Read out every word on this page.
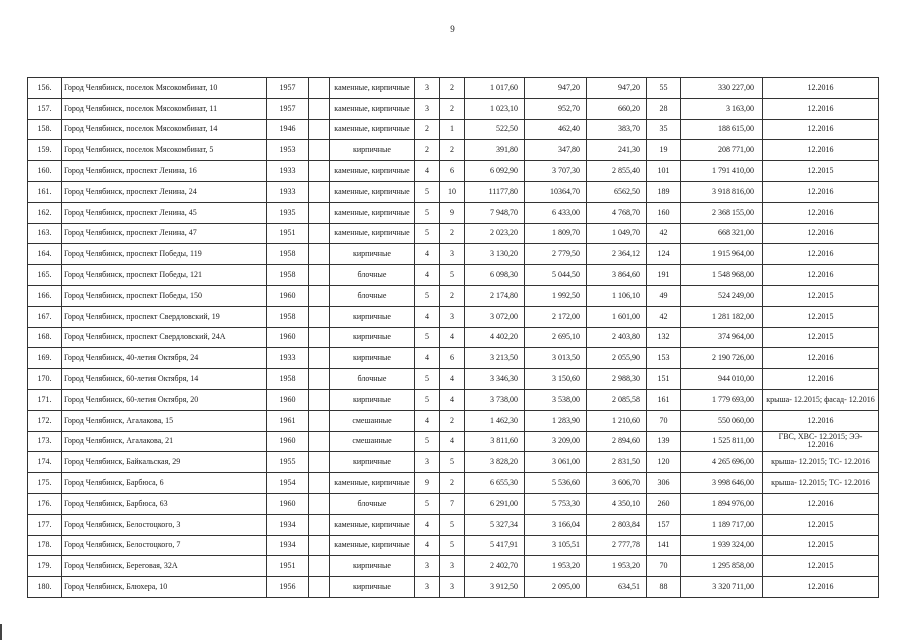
9
156.	Город Челябинск, поселок Мясокомбинат, 10	1957		каменные, кирпичные	3	2	1 017,60	947,20	947,20	55	330 227,00	12.2016
157.	Город Челябинск, поселок Мясокомбинат, 11	1957		каменные, кирпичные	3	2	1 023,10	952,70	660,20	28	3 163,00	12.2016
158.	Город Челябинск, поселок Мясокомбинат, 14	1946		каменные, кирпичные	2	1	522,50	462,40	383,70	35	188 615,00	12.2016
159.	Город Челябинск, поселок Мясокомбинат, 5	1953		кирпичные	2	2	391,80	347,80	241,30	19	208 771,00	12.2016
160.	Город Челябинск, проспект Ленина, 16	1933		каменные, кирпичные	4	6	6 092,90	3 707,30	2 855,40	101	1 791 410,00	12.2015
161.	Город Челябинск, проспект Ленина, 24	1933		каменные, кирпичные	5	10	11177,80	10364,70	6562,50	189	3 918 816,00	12.2016
162.	Город Челябинск, проспект Ленина, 45	1935		каменные, кирпичные	5	9	7 948,70	6 433,00	4 768,70	160	2 368 155,00	12.2016
163.	Город Челябинск, проспект Ленина, 47	1951		каменные, кирпичные	5	2	2 023,20	1 809,70	1 049,70	42	668 321,00	12.2016
164.	Город Челябинск, проспект Победы, 119	1958		кирпичные	4	3	3 130,20	2 779,50	2 364,12	124	1 915 964,00	12.2016
165.	Город Челябинск, проспект Победы, 121	1958		блочные	4	5	6 098,30	5 044,50	3 864,60	191	1 548 968,00	12.2016
166.	Город Челябинск, проспект Победы, 150	1960		блочные	5	2	2 174,80	1 992,50	1 106,10	49	524 249,00	12.2015
167.	Город Челябинск, проспект Свердловский, 19	1958		кирпичные	4	3	3 072,00	2 172,00	1 601,00	42	1 281 182,00	12.2015
168.	Город Челябинск, проспект Свердловский, 24А	1960		кирпичные	5	4	4 402,20	2 695,10	2 403,80	132	374 964,00	12.2015
169.	Город Челябинск, 40-летия Октября, 24	1933		кирпичные	4	6	3 213,50	3 013,50	2 055,90	153	2 190 726,00	12.2016
170.	Город Челябинск, 60-летия Октября, 14	1958		блочные	5	4	3 346,30	3 150,60	2 988,30	151	944 010,00	12.2016
171.	Город Челябинск, 60-летия Октября, 20	1960		кирпичные	5	4	3 738,00	3 538,00	2 085,58	161	1 779 693,00	крыша- 12.2015; фасад- 12.2016
172.	Город Челябинск, Агалакова, 15	1961		смешанные	4	2	1 462,30	1 283,90	1 210,60	70	550 060,00	12.2016
173.	Город Челябинск, Агалакова, 21	1960		смешанные	5	4	3 811,60	3 209,00	2 894,60	139	1 525 811,00	ГВС, ХВС- 12.2015; ЭЭ- 12.2016
174.	Город Челябинск, Байкальская, 29	1955		кирпичные	3	5	3 828,20	3 061,00	2 831,50	120	4 265 696,00	крыша- 12.2015; ТС- 12.2016
175.	Город Челябинск, Барбюса, 6	1954		каменные, кирпичные	9	2	6 655,30	5 536,60	3 606,70	306	3 998 646,00	крыша- 12.2015; ТС- 12.2016
176.	Город Челябинск, Барбюса, 63	1960		блочные	5	7	6 291,00	5 753,30	4 350,10	260	1 894 976,00	12.2016
177.	Город Челябинск, Белостоцкого, 3	1934		каменные, кирпичные	4	5	5 327,34	3 166,04	2 803,84	157	1 189 717,00	12.2015
178.	Город Челябинск, Белостоцкого, 7	1934		каменные, кирпичные	4	5	5 417,91	3 105,51	2 777,78	141	1 939 324,00	12.2015
179.	Город Челябинск, Береговая, 32А	1951		кирпичные	3	3	2 402,70	1 953,20	1 953,20	70	1 295 858,00	12.2015
180.	Город Челябинск, Блюхера, 10	1956		кирпичные	3	3	3 912,50	2 095,00	634,51	88	3 320 711,00	12.2016
